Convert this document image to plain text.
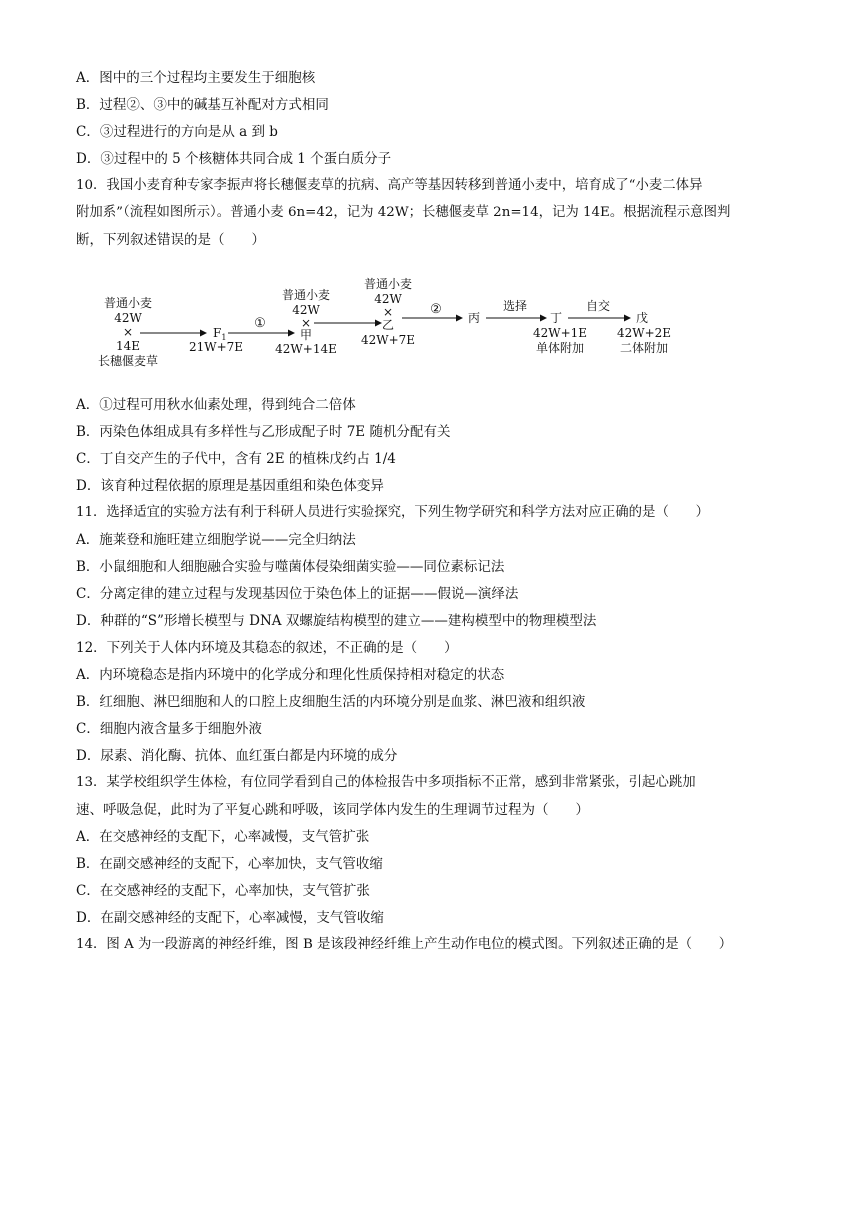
A．图中的三个过程均主要发生于细胞核
B．过程②、③中的碱基互补配对方式相同
C．③过程进行的方向是从 a 到 b
D．③过程中的 5 个核糖体共同合成 1 个蛋白质分子
10．我国小麦育种专家李振声将长穗偃麦草的抗病、高产等基因转移到普通小麦中，培育成了“小麦二体异
附加系”（流程如图所示）。普通小麦 6n=42，记为 42W；长穗偃麦草 2n=14，记为 14E。根据流程示意图判
断，下列叙述错误的是（　　）
普通小麦
42W
×
14E
长穗偃麦草
$F_1$
21W+7E
①
普通小麦
42W
×
甲
42W+14E
普通小麦
42W
×
乙
42W+7E
②
丙
选择
丁
42W+1E
单体附加
自交
戊
42W+2E
二体附加
A．①过程可用秋水仙素处理，得到纯合二倍体
B．丙染色体组成具有多样性与乙形成配子时 7E 随机分配有关
C．丁自交产生的子代中，含有 2E 的植株戊约占 1/4
D．该育种过程依据的原理是基因重组和染色体变异
11．选择适宜的实验方法有利于科研人员进行实验探究，下列生物学研究和科学方法对应正确的是（　　）
A．施莱登和施旺建立细胞学说——完全归纳法
B．小鼠细胞和人细胞融合实验与噬菌体侵染细菌实验——同位素标记法
C．分离定律的建立过程与发现基因位于染色体上的证据——假说—演绎法
D．种群的“S”形增长模型与 DNA 双螺旋结构模型的建立——建构模型中的物理模型法
12．下列关于人体内环境及其稳态的叙述，不正确的是（　　）
A．内环境稳态是指内环境中的化学成分和理化性质保持相对稳定的状态
B．红细胞、淋巴细胞和人的口腔上皮细胞生活的内环境分别是血浆、淋巴液和组织液
C．细胞内液含量多于细胞外液
D．尿素、消化酶、抗体、血红蛋白都是内环境的成分
13．某学校组织学生体检，有位同学看到自己的体检报告中多项指标不正常，感到非常紧张，引起心跳加
速、呼吸急促，此时为了平复心跳和呼吸，该同学体内发生的生理调节过程为（　　）
A．在交感神经的支配下，心率减慢，支气管扩张
B．在副交感神经的支配下，心率加快，支气管收缩
C．在交感神经的支配下，心率加快，支气管扩张
D．在副交感神经的支配下，心率减慢，支气管收缩
14．图 A 为一段游离的神经纤维，图 B 是该段神经纤维上产生动作电位的模式图。下列叙述正确的是（　　）
